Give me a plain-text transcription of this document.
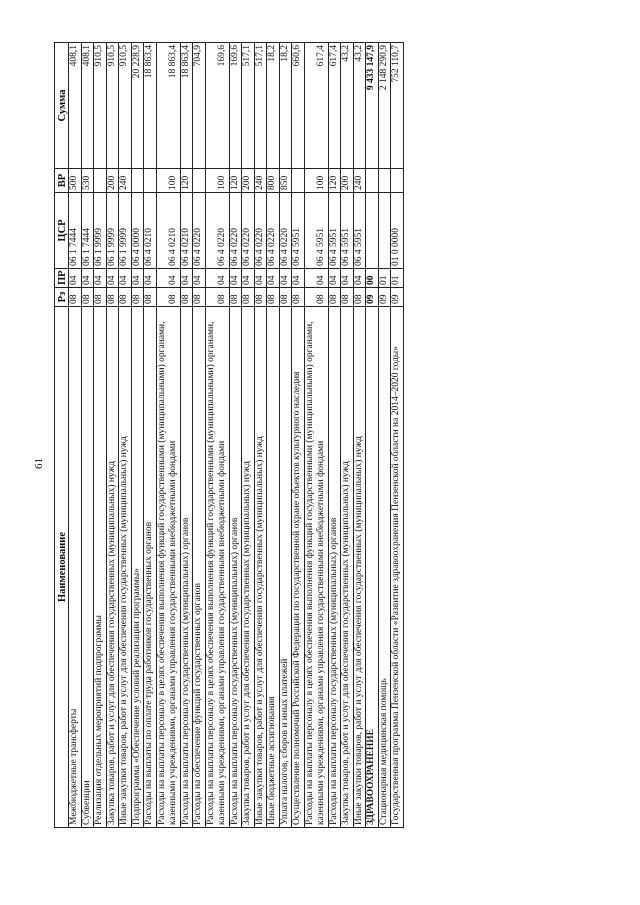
61
Наименование	Рз	ПР	ЦСР	ВР	Сумма
Межбюджетные трансферты	08	04	06 1 7444	500	408,1
Субвенции	08	04	06 1 7444	530	408,1
Реализация отдельных мероприятий подпрограммы	08	04	06 1 9999		910,5
Закупка товаров, работ и услуг для обеспечения государственных (муниципальных) нужд	08	04	06 1 9999	200	910,5
Иные закупки товаров, работ и услуг для обеспечения государственных (муниципальных) нужд	08	04	06 1 9999	240	910,5
Подпрограмма «Обеспечение условий реализации программы»	08	04	06 4 0000		20 228,9
Расходы на выплаты по оплате труда работников государственных органов	08	04	06 4 0210		18 863,4
Расходы на выплаты персоналу в целях обеспечения выполнения функций государственными (муниципальными) органами, казенными учреждениями, органами управления государственными внебюджетными фондами	08	04	06 4 0210	100	18 863,4
Расходы на выплаты персоналу государственных (муниципальных) органов	08	04	06 4 0210	120	18 863,4
Расходы на обеспечение функций государственных органов	08	04	06 4 0220		704,9
Расходы на выплаты персоналу в целях обеспечения выполнения функций государственными (муниципальными) органами, казенными учреждениями, органами управления государственными внебюджетными фондами	08	04	06 4 0220	100	169,6
Расходы на выплаты персоналу государственных (муниципальных) органов	08	04	06 4 0220	120	169,6
Закупка товаров, работ и услуг для обеспечения государственных (муниципальных) нужд	08	04	06 4 0220	200	517,1
Иные закупки товаров, работ и услуг для обеспечения государственных (муниципальных) нужд	08	04	06 4 0220	240	517,1
Иные бюджетные ассигнования	08	04	06 4 0220	800	18,2
Уплата налогов, сборов и иных платежей	08	04	06 4 0220	850	18,2
Осуществление полномочий Российской Федерации по государственной охране объектов культурного наследия	08	04	06 4 5951		660,6
Расходы на выплаты персоналу в целях обеспечения выполнения функций государственными (муниципальными) органами, казенными учреждениями, органами управления государственными внебюджетными фондами	08	04	06 4 5951	100	617,4
Расходы на выплаты персоналу государственных (муниципальных) органов	08	04	06 4 5951	120	617,4
Закупка товаров, работ и услуг для обеспечения государственных (муниципальных) нужд	08	04	06 4 5951	200	43,2
Иные закупки товаров, работ и услуг для обеспечения государственных (муниципальных) нужд	08	04	06 4 5951	240	43,2
ЗДРАВООХРАНЕНИЕ	09	00			9 433 147,9
Стационарная медицинская помощь	09	01			2 148 290,9
Государственная программа Пензенской области «Развитие здравоохранения Пензенской области на 2014–2020 годы»	09	01	01 0 0000		752 110,7
